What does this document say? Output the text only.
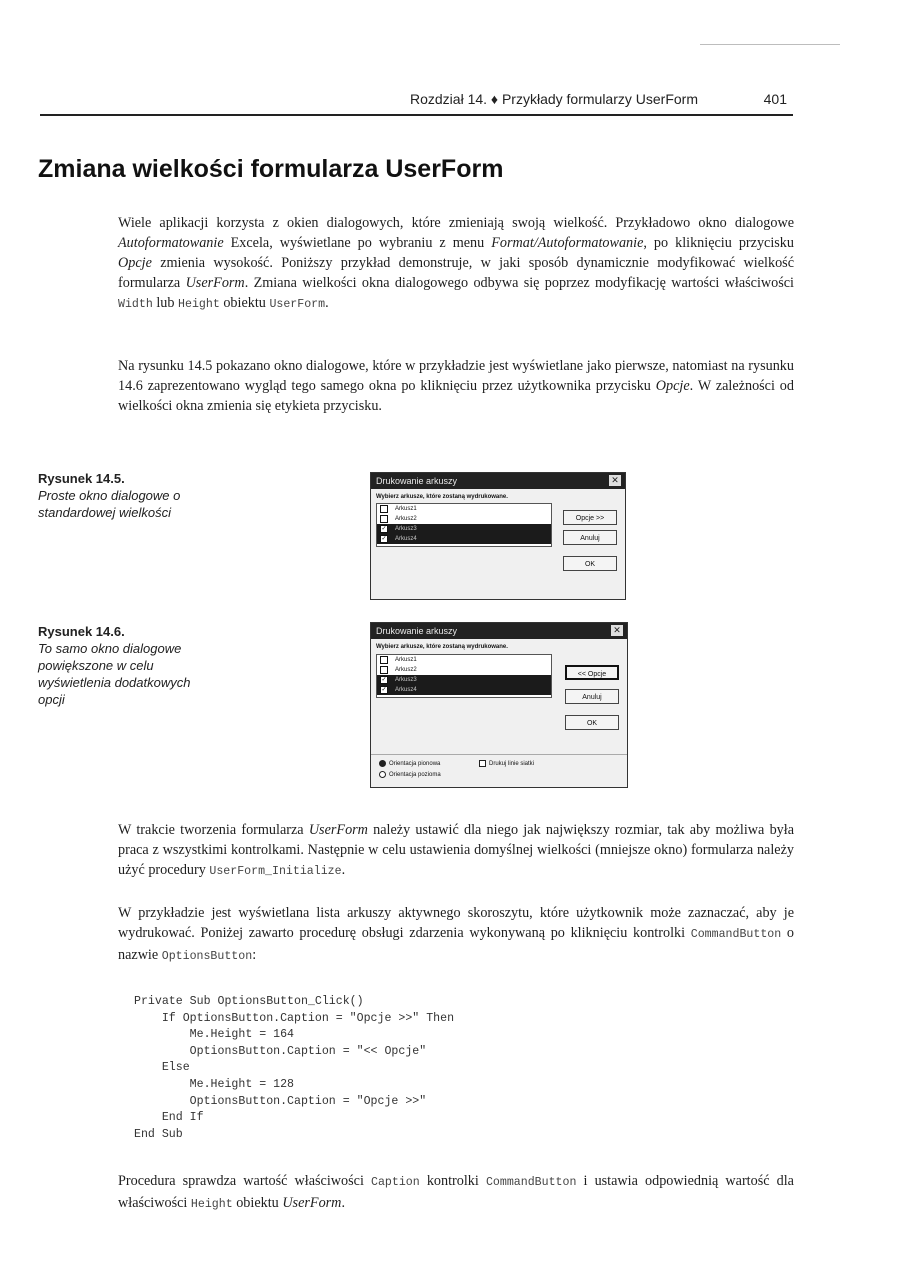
Rozdział 14. ♦ Przykłady formularzy UserForm	401
Zmiana wielkości formularza UserForm
Wiele aplikacji korzysta z okien dialogowych, które zmieniają swoją wielkość. Przykładowo okno dialogowe Autoformatowanie Excela, wyświetlane po wybraniu z menu Format/Autoformatowanie, po kliknięciu przycisku Opcje zmienia wysokość. Poniższy przykład demonstruje, w jaki sposób dynamicznie modyfikować wielkość formularza UserForm. Zmiana wielkości okna dialogowego odbywa się poprzez modyfikację wartości właściwości Width lub Height obiektu UserForm.
Na rysunku 14.5 pokazano okno dialogowe, które w przykładzie jest wyświetlane jako pierwsze, natomiast na rysunku 14.6 zaprezentowano wygląd tego samego okna po kliknięciu przez użytkownika przycisku Opcje. W zależności od wielkości okna zmienia się etykieta przycisku.
Rysunek 14.5.
Proste okno dialogowe o standardowej wielkości
Drukowanie arkuszy	✕
Wybierz arkusze, które zostaną wydrukowane.
Arkusz1
Arkusz2
✓ Arkusz3
✓ Arkusz4
Opcje >>
Anuluj
OK
Rysunek 14.6.
To samo okno dialogowe powiększone w celu wyświetlenia dodatkowych opcji
Drukowanie arkuszy	✕
Wybierz arkusze, które zostaną wydrukowane.
Arkusz1
Arkusz2
✓ Arkusz3
✓ Arkusz4
<< Opcje
Anuluj
OK
Orientacja pionowa	Drukuj linie siatki
Orientacja pozioma
W trakcie tworzenia formularza UserForm należy ustawić dla niego jak największy rozmiar, tak aby możliwa była praca z wszystkimi kontrolkami. Następnie w celu ustawienia domyślnej wielkości (mniejsze okno) formularza należy użyć procedury UserForm_Initialize.
W przykładzie jest wyświetlana lista arkuszy aktywnego skoroszytu, które użytkownik może zaznaczać, aby je wydrukować. Poniżej zawarto procedurę obsługi zdarzenia wykonywaną po kliknięciu kontrolki CommandButton o nazwie OptionsButton:
Private Sub OptionsButton_Click()
If OptionsButton.Caption = "Opcje >>" Then
Me.Height = 164
OptionsButton.Caption = "<< Opcje"
Else
Me.Height = 128
OptionsButton.Caption = "Opcje >>"
End If
End Sub
Procedura sprawdza wartość właściwości Caption kontrolki CommandButton i ustawia odpowiednią wartość dla właściwości Height obiektu UserForm.
